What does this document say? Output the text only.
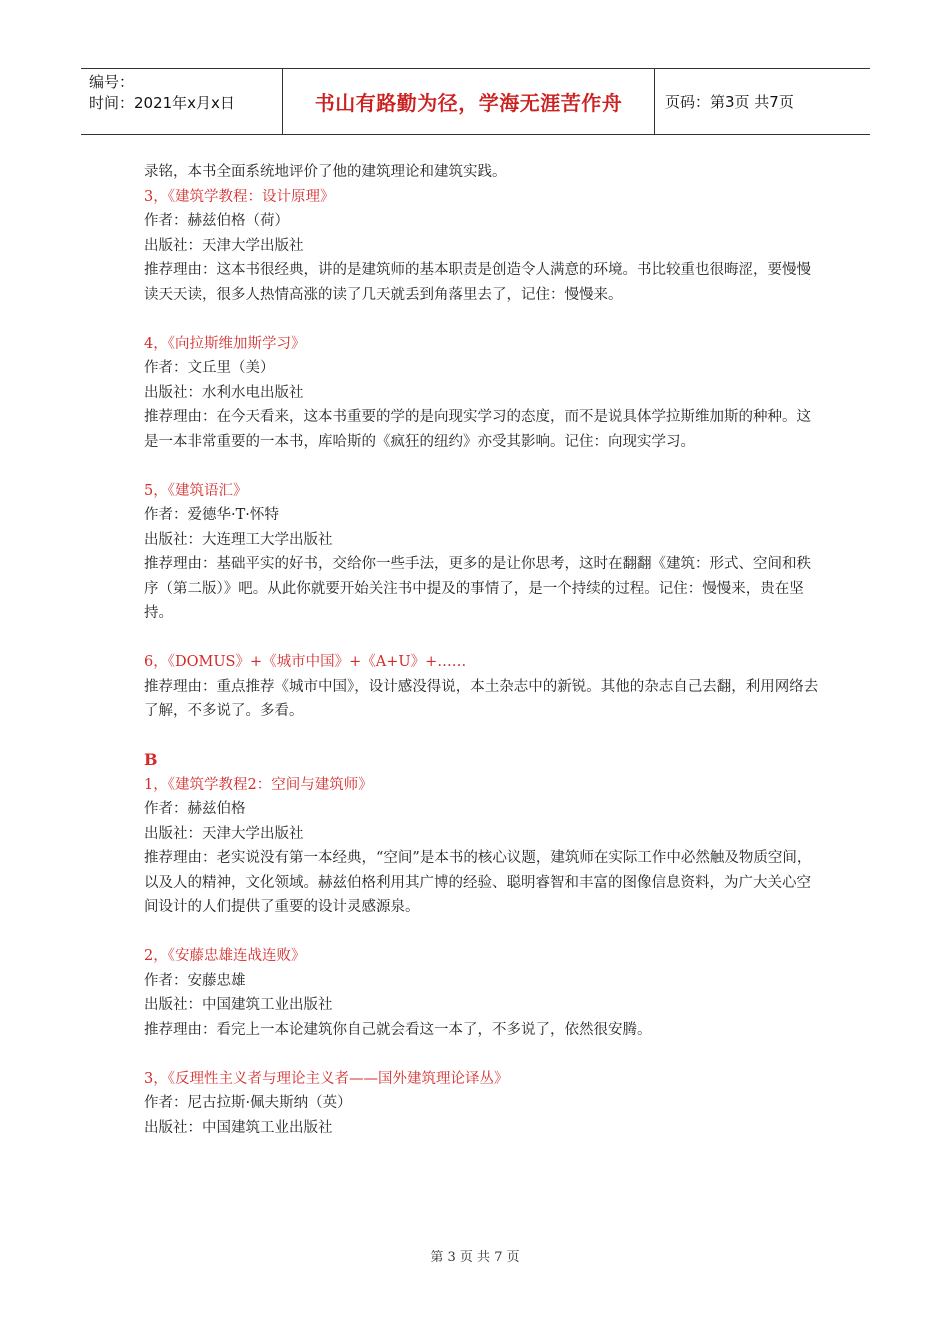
编号：
时间：2021年x月x日	书山有路勤为径，学海无涯苦作舟	页码：第3页 共7页

录铭，本书全面系统地评价了他的建筑理论和建筑实践。

3，《建筑学教程：设计原理》

作者：赫兹伯格（荷）

出版社：天津大学出版社

推荐理由：这本书很经典，讲的是建筑师的基本职责是创造令人满意的环境。书比较重也很晦涩，要慢慢读天天读，很多人热情高涨的读了几天就丢到角落里去了，记住：慢慢来。

4，《向拉斯维加斯学习》

作者：文丘里（美）

出版社：水利水电出版社

推荐理由：在今天看来，这本书重要的学的是向现实学习的态度，而不是说具体学拉斯维加斯的种种。这是一本非常重要的一本书，库哈斯的《疯狂的纽约》亦受其影响。记住：向现实学习。

5，《建筑语汇》

作者：爱德华·T·怀特

出版社：大连理工大学出版社

推荐理由：基础平实的好书，交给你一些手法，更多的是让你思考，这时在翻翻《建筑：形式、空间和秩序（第二版）》吧。从此你就要开始关注书中提及的事情了，是一个持续的过程。记住：慢慢来，贵在坚持。

6，《DOMUS》+《城市中国》+《A+U》+……

推荐理由：重点推荐《城市中国》，设计感没得说，本土杂志中的新锐。其他的杂志自己去翻，利用网络去了解，不多说了。多看。

B

1，《建筑学教程2：空间与建筑师》

作者：赫兹伯格

出版社：天津大学出版社

推荐理由：老实说没有第一本经典，“空间”是本书的核心议题，建筑师在实际工作中必然触及物质空间，以及人的精神，文化领域。赫兹伯格利用其广博的经验、聪明睿智和丰富的图像信息资料，为广大关心空间设计的人们提供了重要的设计灵感源泉。

2，《安藤忠雄连战连败》

作者：安藤忠雄

出版社：中国建筑工业出版社

推荐理由：看完上一本论建筑你自己就会看这一本了，不多说了，依然很安腾。

3，《反理性主义者与理论主义者——国外建筑理论译丛》

作者：尼古拉斯·佩夫斯纳（英）

出版社：中国建筑工业出版社

第 3 页 共 7 页
